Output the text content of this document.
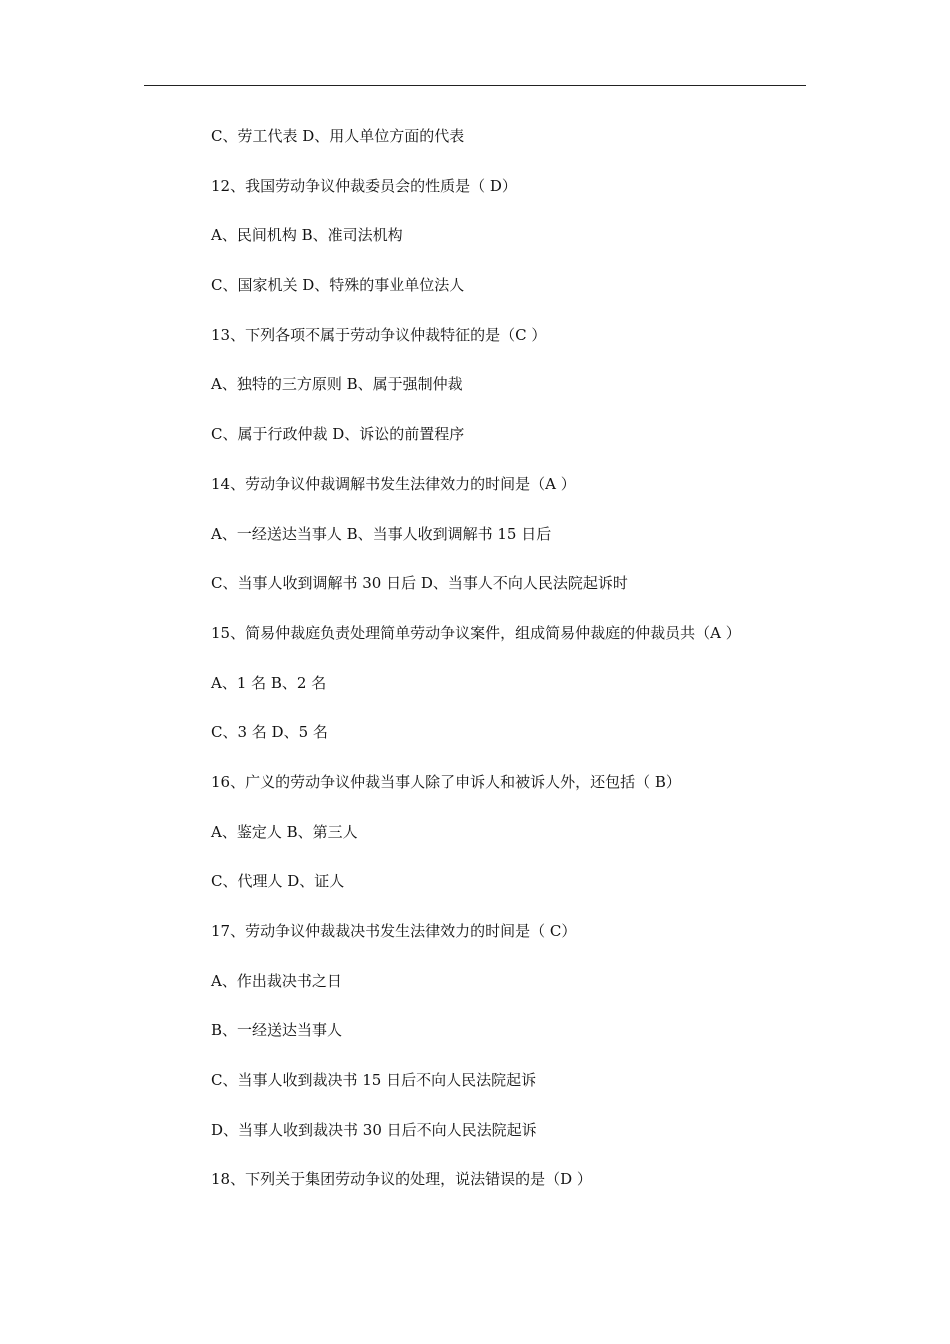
C、劳工代表 D、用人单位方面的代表
12、我国劳动争议仲裁委员会的性质是（ D）
A、民间机构 B、准司法机构
C、国家机关 D、特殊的事业单位法人
13、下列各项不属于劳动争议仲裁特征的是（C ）
A、独特的三方原则 B、属于强制仲裁
C、属于行政仲裁 D、诉讼的前置程序
14、劳动争议仲裁调解书发生法律效力的时间是（A ）
A、一经送达当事人 B、当事人收到调解书 15 日后
C、当事人收到调解书 30 日后 D、当事人不向人民法院起诉时
15、简易仲裁庭负责处理简单劳动争议案件，组成简易仲裁庭的仲裁员共（A ）
A、1 名 B、2 名
C、3 名 D、5 名
16、广义的劳动争议仲裁当事人除了申诉人和被诉人外，还包括（ B）
A、鉴定人 B、第三人
C、代理人 D、证人
17、劳动争议仲裁裁决书发生法律效力的时间是（ C）
A、作出裁决书之日
B、一经送达当事人
C、当事人收到裁决书 15 日后不向人民法院起诉
D、当事人收到裁决书 30 日后不向人民法院起诉
18、下列关于集团劳动争议的处理，说法错误的是（D ）
